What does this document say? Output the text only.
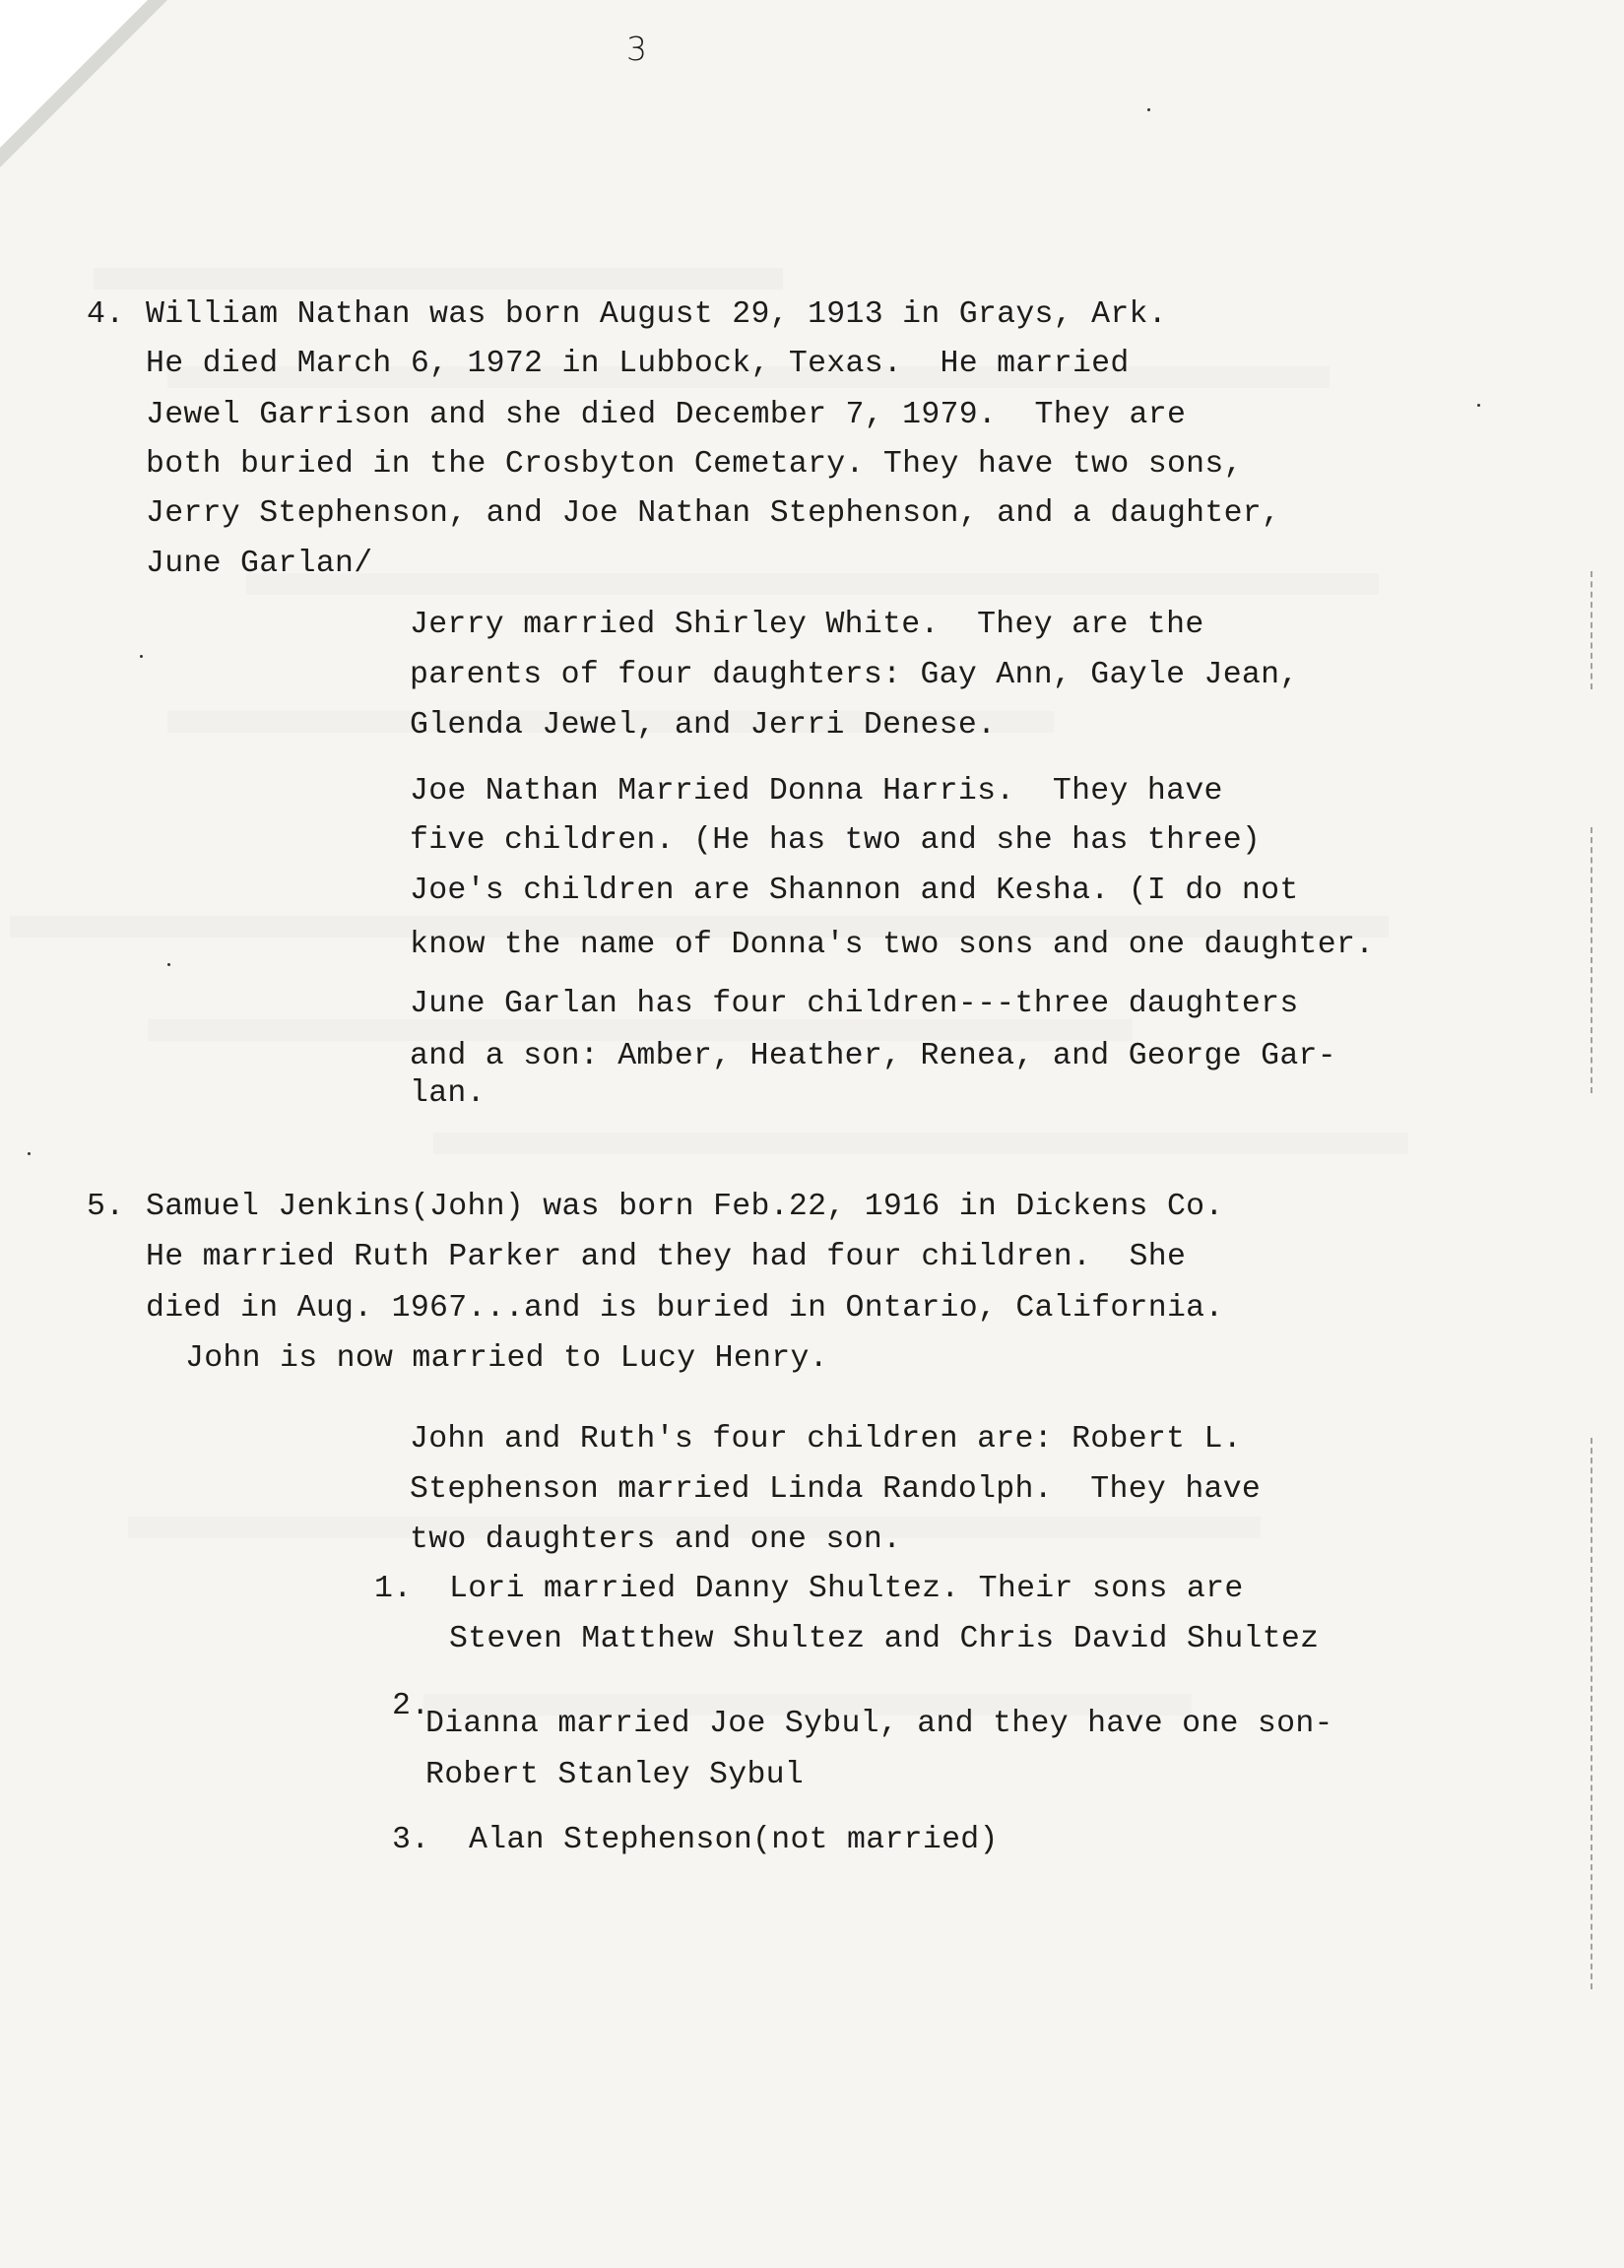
3
4. William Nathan was born August 29, 1913 in Grays, Ark.
He died March 6, 1972 in Lubbock, Texas.  He married
Jewel Garrison and she died December 7, 1979.  They are
both buried in the Crosbyton Cemetary. They have two sons,
Jerry Stephenson, and Joe Nathan Stephenson, and a daughter,
June Garlan/
Jerry married Shirley White.  They are the
parents of four daughters: Gay Ann, Gayle Jean,
Glenda Jewel, and Jerri Denese.
Joe Nathan Married Donna Harris.  They have
five children. (He has two and she has three)
Joe's children are Shannon and Kesha. (I do not
know the name of Donna's two sons and one daughter.
June Garlan has four children---three daughters
and a son: Amber, Heather, Renea, and George Gar-
lan.
5. Samuel Jenkins(John) was born Feb.22, 1916 in Dickens Co.
He married Ruth Parker and they had four children.  She
died in Aug. 1967...and is buried in Ontario, California.
John is now married to Lucy Henry.
John and Ruth's four children are: Robert L.
Stephenson married Linda Randolph.  They have
two daughters and one son.
1. Lori married Danny Shultez. Their sons are
Steven Matthew Shultez and Chris David Shultez
2.
Dianna married Joe Sybul, and they have one son-
Robert Stanley Sybul
3. Alan Stephenson(not married)
